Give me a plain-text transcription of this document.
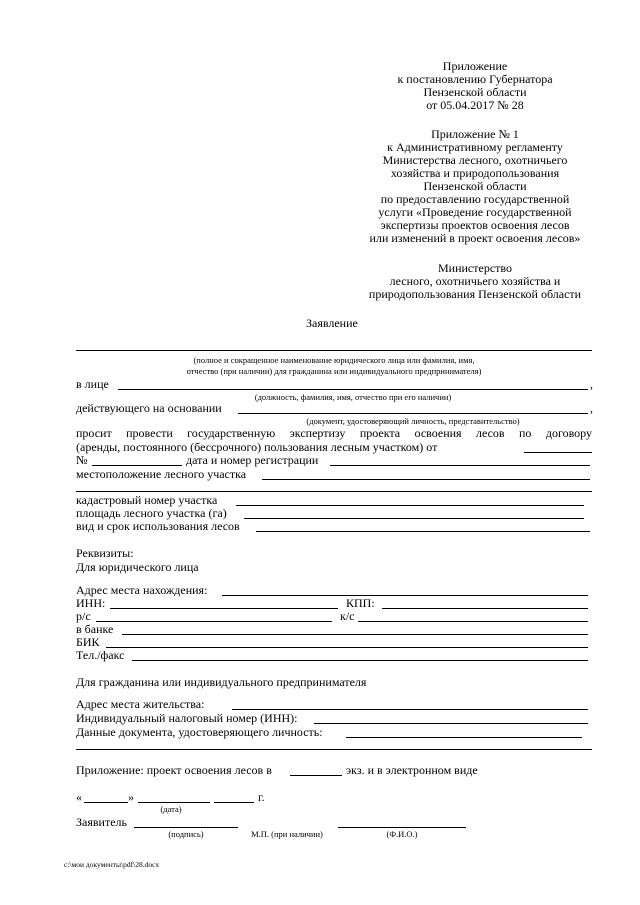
Приложение
к постановлению Губернатора
Пензенской области
от 05.04.2017 № 28
Приложение № 1
к Административному регламенту
Министерства лесного, охотничьего
хозяйства и природопользования
Пензенской области
по предоставлению государственной
услуги «Проведение государственной
экспертизы проектов освоения лесов
или изменений в проект освоения лесов»
Министерство
лесного, охотничьего хозяйства и
природопользования Пензенской области
Заявление
(полное и сокращенное наименование юридического лица или фамилия, имя,
отчество (при наличии) для гражданина или индивидуального предпринимателя)
в лице	,
(должность, фамилия, имя, отчество при его наличии)
действующего на основании	,
(документ, удостоверяющий личность, представительство)
просит провести государственную экспертизу проекта освоения лесов по договору
(аренды, постоянного (бессрочного) пользования лесным участком) от
№	дата и номер регистрации
местоположение лесного участка
кадастровый номер участка
площадь лесного участка (га)
вид и срок использования лесов
Реквизиты:
Для юридического лица
Адрес места нахождения:
ИНН:	КПП:
р/с	к/с
в банке
БИК
Тел./факс
Для гражданина или индивидуального предпринимателя
Адрес места жительства:
Индивидуальный налоговый номер (ИНН):
Данные документа, удостоверяющего личность:
Приложение: проект освоения лесов в	экз. и в электронном виде
«	»	г.
(дата)
Заявитель
(подпись)	М.П. (при наличии)	(Ф.И.О.)
c:\мои документы\pdf\28.docx
